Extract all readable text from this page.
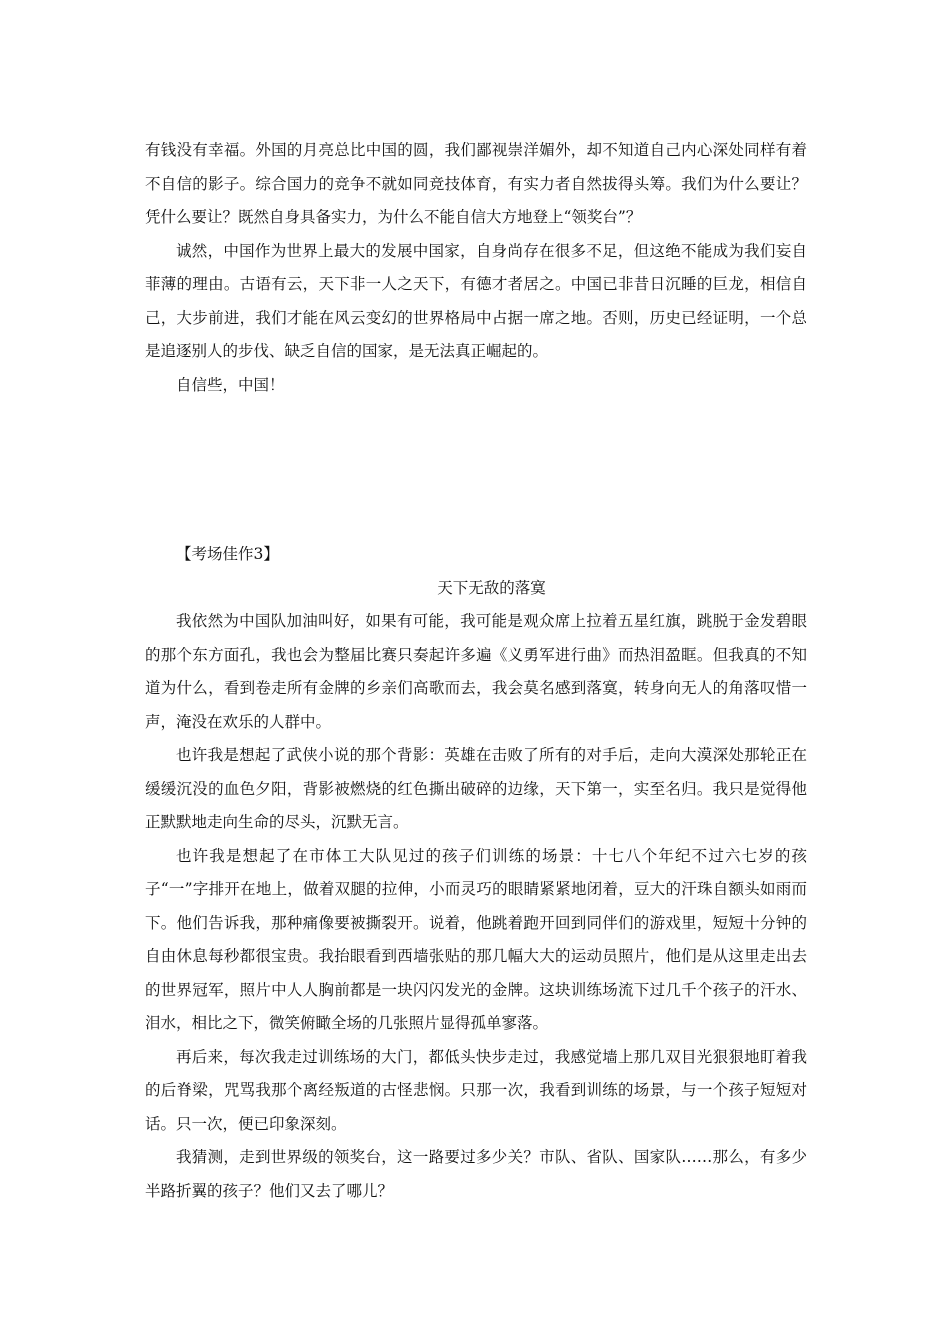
有钱没有幸福。外国的月亮总比中国的圆，我们鄙视崇洋媚外，却不知道自己内心深处同样有着不自信的影子。综合国力的竞争不就如同竞技体育，有实力者自然拔得头筹。我们为什么要让？凭什么要让？既然自身具备实力，为什么不能自信大方地登上“领奖台”？

诚然，中国作为世界上最大的发展中国家，自身尚存在很多不足，但这绝不能成为我们妄自菲薄的理由。古语有云，天下非一人之天下，有德才者居之。中国已非昔日沉睡的巨龙，相信自己，大步前进，我们才能在风云变幻的世界格局中占据一席之地。否则，历史已经证明，一个总是追逐别人的步伐、缺乏自信的国家，是无法真正崛起的。

自信些，中国！

【考场佳作3】

天下无敌的落寞

我依然为中国队加油叫好，如果有可能，我可能是观众席上拉着五星红旗，跳脱于金发碧眼的那个东方面孔，我也会为整届比赛只奏起许多遍《义勇军进行曲》而热泪盈眶。但我真的不知道为什么，看到卷走所有金牌的乡亲们高歌而去，我会莫名感到落寞，转身向无人的角落叹惜一声，淹没在欢乐的人群中。

也许我是想起了武侠小说的那个背影：英雄在击败了所有的对手后，走向大漠深处那轮正在缓缓沉没的血色夕阳，背影被燃烧的红色撕出破碎的边缘，天下第一，实至名归。我只是觉得他正默默地走向生命的尽头，沉默无言。

也许我是想起了在市体工大队见过的孩子们训练的场景：十七八个年纪不过六七岁的孩子“一”字排开在地上，做着双腿的拉伸，小而灵巧的眼睛紧紧地闭着，豆大的汗珠自额头如雨而下。他们告诉我，那种痛像要被撕裂开。说着，他跳着跑开回到同伴们的游戏里，短短十分钟的自由休息每秒都很宝贵。我抬眼看到西墙张贴的那几幅大大的运动员照片，他们是从这里走出去的世界冠军，照片中人人胸前都是一块闪闪发光的金牌。这块训练场流下过几千个孩子的汗水、泪水，相比之下，微笑俯瞰全场的几张照片显得孤单寥落。

再后来，每次我走过训练场的大门，都低头快步走过，我感觉墙上那几双目光狠狠地盯着我的后脊梁，咒骂我那个离经叛道的古怪悲悯。只那一次，我看到训练的场景，与一个孩子短短对话。只一次，便已印象深刻。

我猜测，走到世界级的领奖台，这一路要过多少关？市队、省队、国家队……那么，有多少半路折翼的孩子？他们又去了哪儿？
